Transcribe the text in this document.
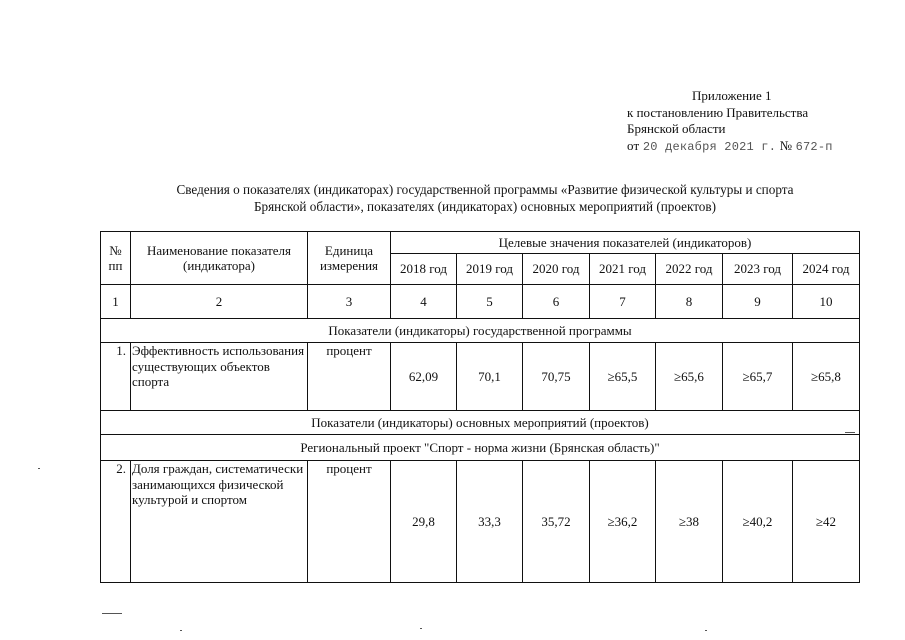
Приложение 1
к постановлению Правительства
Брянской области
от 20 декабря 2021 г. № 672-п
Сведения о показателях (индикаторах) государственной программы «Развитие физической культуры и спорта
Брянской области», показателях (индикаторах) основных мероприятий (проектов)
№ пп	Наименование показателя (индикатора)	Единица измерения	Целевые значения показателей (индикаторов)						
			2018 год	2019 год	2020 год	2021 год	2022 год	2023 год	2024 год
1	2	3	4	5	6	7	8	9	10
Показатели (индикаторы) государственной программы									
1.	Эффективность использования существующих объектов спорта	процент	62,09	70,1	70,75	≥65,5	≥65,6	≥65,7	≥65,8
Показатели (индикаторы) основных мероприятий (проектов)									
Региональный проект "Спорт - норма жизни (Брянская область)"									
2.	Доля граждан, систематически занимающихся физической культурой и спортом	процент	29,8	33,3	35,72	≥36,2	≥38	≥40,2	≥42
